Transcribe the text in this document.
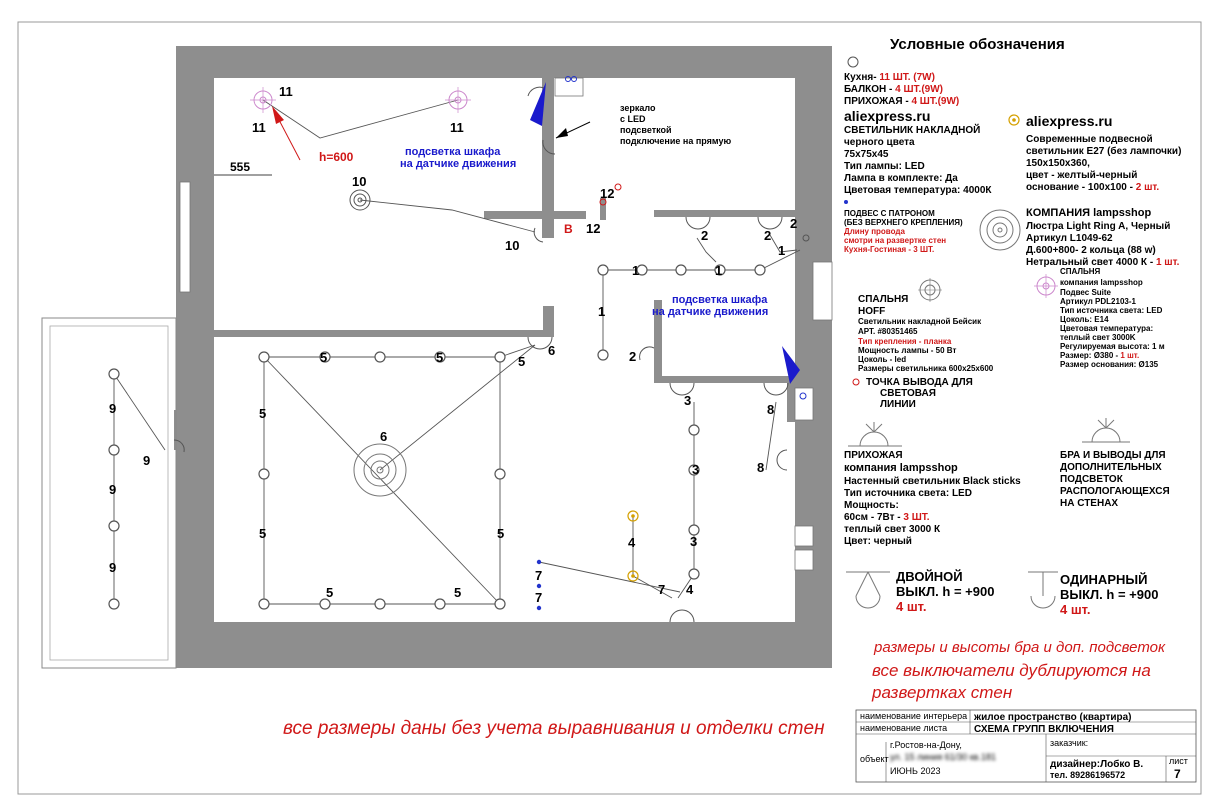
11
11	11
10
10
12
12	2	2
2
1	1
1
1
2
5	5	5
5
5	5
5	5
6
6
9
9
9
9
3
3
3
8
8
4
4
7
7
7
h=600
555
В
зеркало
с LED
подсветкой
подключение на прямую
подсветка шкафа
на датчике движения
подсветка шкафа
на датчике движения
Условные обозначения
Кухня- 11 ШТ. (7W)
БАЛКОН - 4 ШТ.(9W)
ПРИХОЖАЯ - 4 ШТ.(9W)
aliexpress.ru
СВЕТИЛЬНИК НАКЛАДНОЙ
черного цвета
75х75х45
Тип лампы: LED
Лампа в комплекте: Да
Цветовая температура: 4000К
aliexpress.ru
Современные подвесной
светильник E27 (без лампочки)
150х150х360,
цвет - желтый-черный
основание - 100х100 - 2 шт.
ПОДВЕС С ПАТРОНОМ
(БЕЗ ВЕРХНЕГО КРЕПЛЕНИЯ)
Длину провода
смотри на развертке стен
Кухня-Гостиная - 3 ШТ.
КОМПАНИЯ lampsshop
Люстра Light Ring A, Черный
Артикул L1049-62
Д.600+800- 2 кольца (88 w)
Нетральный свет 4000 К - 1 шт.
СПАЛЬНЯ
компания lampsshop
Подвес Suite
Артикул PDL2103-1
Тип источника света: LED
Цоколь: E14
Цветовая температура:
теплый свет 3000K
Регулируемая высота: 1 м
Размер: Ø380 - 1 шт.
Размер основания: Ø135
СПАЛЬНЯ
HOFF
Светильник накладной Бейсик
АРТ. #80351465
Тип крепления - планка
Мощность лампы - 50 Вт
Цоколь - led
Размеры светильника 600х25х600
ТОЧКА ВЫВОДА ДЛЯ
СВЕТОВАЯ
ЛИНИИ
ПРИХОЖАЯ
компания lampsshop
Настенный светильник Black sticks
Тип источника света: LED
Мощность:
60см - 7Вт - 3 ШТ.
теплый свет 3000 К
Цвет: черный
БРА И ВЫВОДЫ ДЛЯ
ДОПОЛНИТЕЛЬНЫХ
ПОДСВЕТОК
РАСПОЛОГАЮЩЕХСЯ
НА СТЕНАХ
ДВОЙНОЙ
ВЫКЛ. h = +900
4 шт.
ОДИНАРНЫЙ
ВЫКЛ. h = +900
4 шт.
размеры и высоты бра и доп. подсветок
все выключатели дублируются на
развертках стен
все размеры даны без учета выравнивания и отделки стен
наименование интерьера жилое пространство (квартира)
наименование листа	СХЕМА ГРУПП ВКЛЮЧЕНИЯ
объект
г.Ростов-на-Дону,
ул. 15 линия 61/30 кв.181
ИЮНЬ 2023
заказчик:
дизайнер:Лобко В.
тел. 89286196572
лист
7
